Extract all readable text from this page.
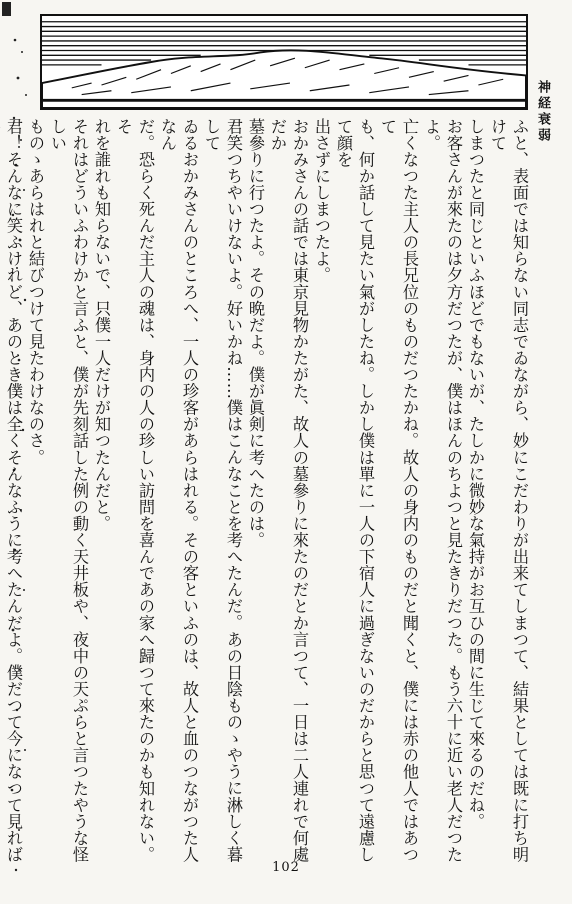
神経衰弱
ふと、表面では知らない同志でゐながら、妙にこだわりが出来てしまつて、結果としては既に打ち明けて
しまつたと同じといふほどでもないが、たしかに微妙な氣持がお互ひの間に生じて來るのだね。
お客さんが來たのは夕方だつたが、僕はほんのちよつと見たきりだつた。もう六十に近い老人だつたよ。
亡くなつた主人の長兄位のものだつたかね。故人の身内のものだと聞くと、僕には赤の他人ではあつて
も、何か話して見たい氣がしたね。しかし僕は單に一人の下宿人に過ぎないのだからと思つて遠慮して顔を
出さずにしまつたよ。
おかみさんの話では東京見物かたがた、故人の墓參りに來たのだとか言つて、一日は二人連れで何處だか
墓參りに行つたよ。その晩だよ。僕が眞剣に考へたのは。
君笑つちやいけないよ。好いかね……僕はこんなことを考へたんだ。あの日陰ものゝやうに淋しく暮して
ゐるおかみさんのところへ、一人の珍客があらはれる。その客といふのは、故人と血のつながつた人なん
だ。恐らく死んだ主人の魂は、身内の人の珍しい訪問を喜んであの家へ歸つて來たのかも知れない。そ
れを誰れも知らないで、只僕一人だけが知つたんだと。
それはどういふわけかと言ふと、僕が先刻話した例の動く天井板や、夜中の天ぷらと言つたやうな怪しい
ものゝあらはれと結びつけて見たわけなのさ。
君！そんなに笑ふけれど、あのとき僕は全くそんなふうに考へたんだよ。僕だつて今になつて見れば
102
